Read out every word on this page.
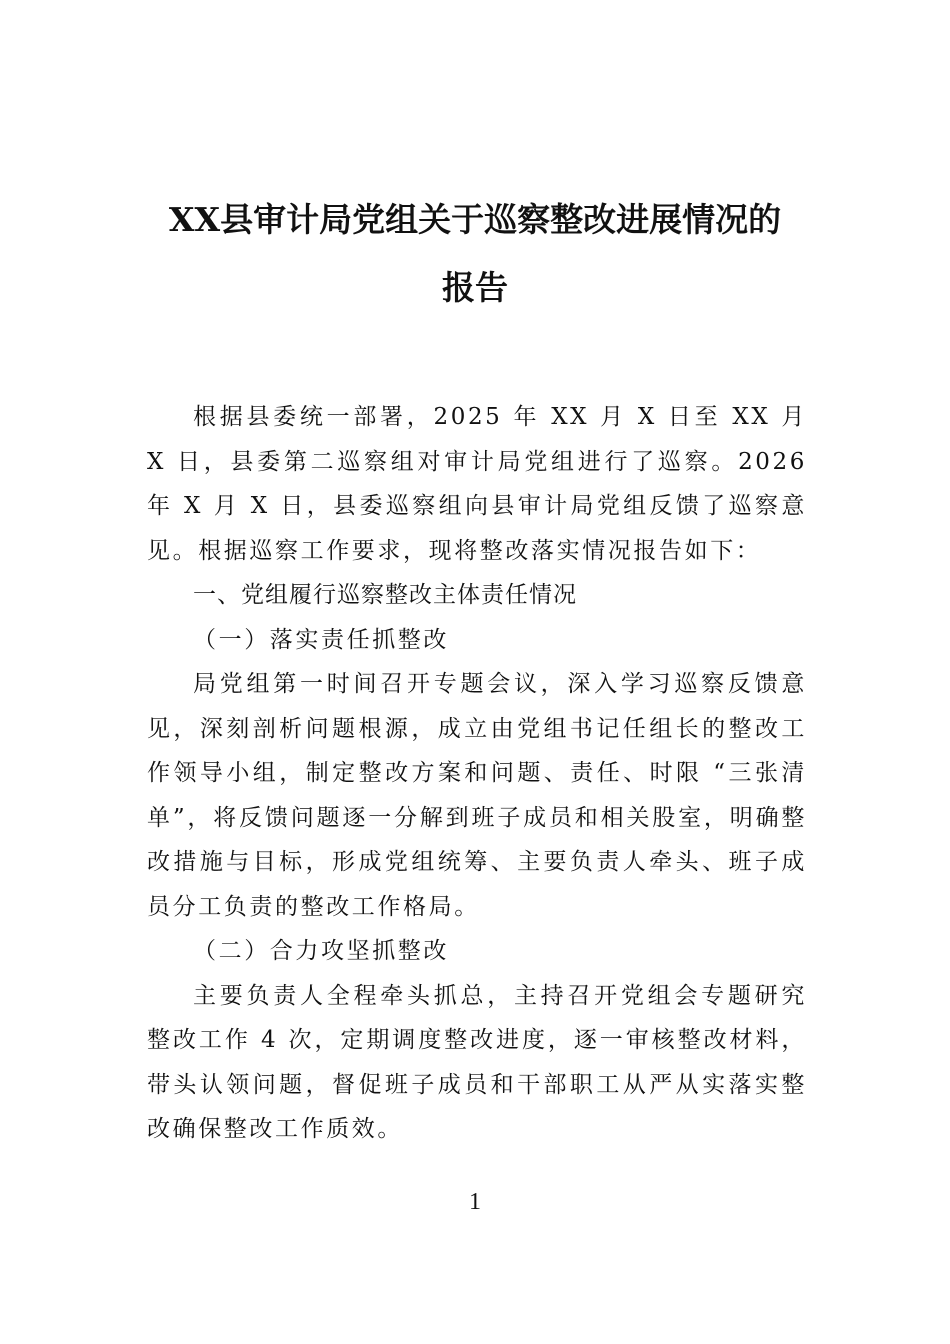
XX县审计局党组关于巡察整改进展情况的
报告

根据县委统一部署，2025 年 XX 月 X 日至 XX 月 X 日，县委第二巡察组对审计局党组进行了巡察。2026 年 X 月 X 日，县委巡察组向县审计局党组反馈了巡察意见。根据巡察工作要求，现将整改落实情况报告如下：

一、党组履行巡察整改主体责任情况

（一）落实责任抓整改

局党组第一时间召开专题会议，深入学习巡察反馈意见，深刻剖析问题根源，成立由党组书记任组长的整改工作领导小组，制定整改方案和问题、责任、时限 “三张清单”，将反馈问题逐一分解到班子成员和相关股室，明确整改措施与目标，形成党组统筹、主要负责人牵头、班子成员分工负责的整改工作格局。

（二）合力攻坚抓整改

主要负责人全程牵头抓总，主持召开党组会专题研究整改工作 4 次，定期调度整改进度，逐一审核整改材料，带头认领问题，督促班子成员和干部职工从严从实落实整改确保整改工作质效。

1
